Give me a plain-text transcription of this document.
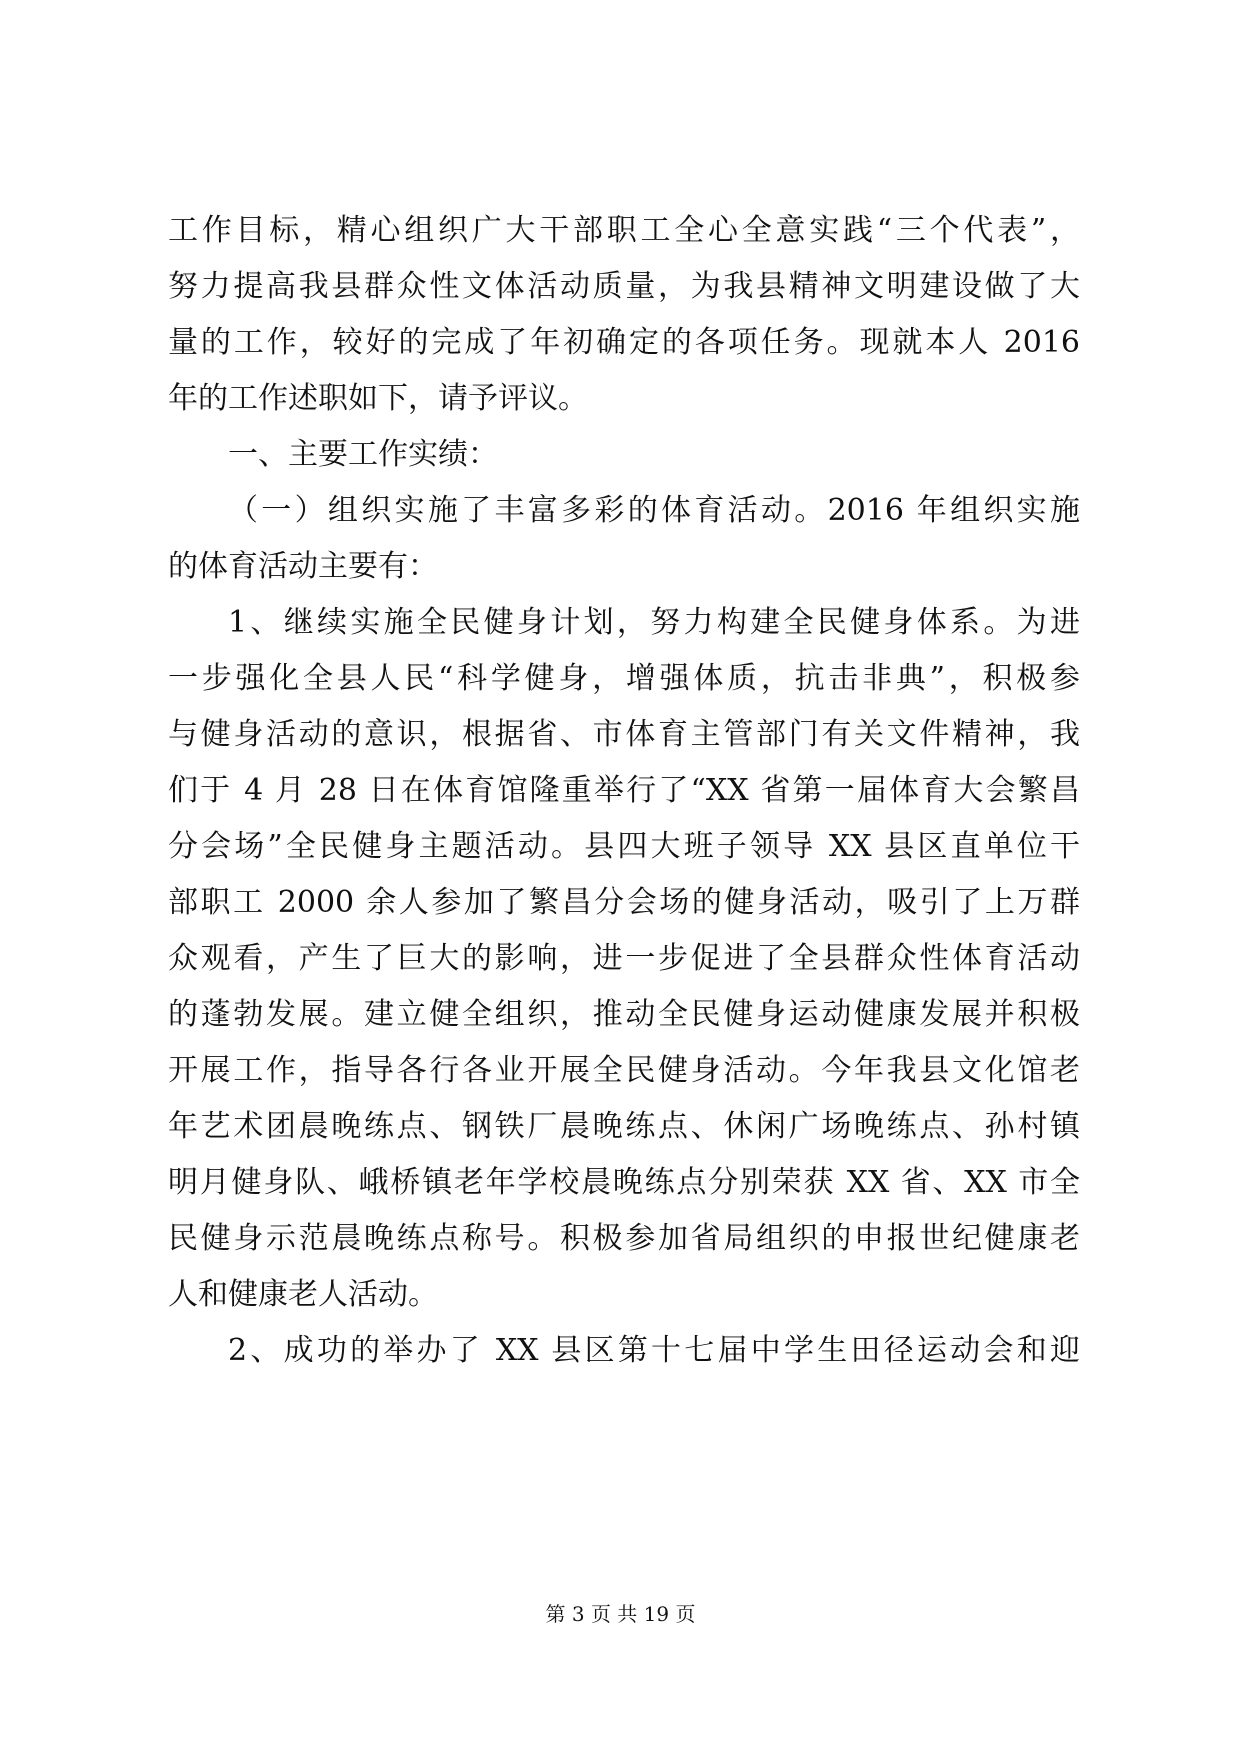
工作目标，精心组织广大干部职工全心全意实践“三个代表”，
努力提高我县群众性文体活动质量，为我县精神文明建设做了大
量的工作，较好的完成了年初确定的各项任务。现就本人 2016
年的工作述职如下，请予评议。
一、主要工作实绩：
（一）组织实施了丰富多彩的体育活动。2016 年组织实施
的体育活动主要有：
1、继续实施全民健身计划，努力构建全民健身体系。为进
一步强化全县人民“科学健身，增强体质，抗击非典”，积极参
与健身活动的意识，根据省、市体育主管部门有关文件精神，我
们于 4 月 28 日在体育馆隆重举行了“XX 省第一届体育大会繁昌
分会场”全民健身主题活动。县四大班子领导 XX 县区直单位干
部职工 2000 余人参加了繁昌分会场的健身活动，吸引了上万群
众观看，产生了巨大的影响，进一步促进了全县群众性体育活动
的蓬勃发展。建立健全组织，推动全民健身运动健康发展并积极
开展工作，指导各行各业开展全民健身活动。今年我县文化馆老
年艺术团晨晚练点、钢铁厂晨晚练点、休闲广场晚练点、孙村镇
明月健身队、峨桥镇老年学校晨晚练点分别荣获 XX 省、XX 市全
民健身示范晨晚练点称号。积极参加省局组织的申报世纪健康老
人和健康老人活动。
2、成功的举办了 XX 县区第十七届中学生田径运动会和迎
第 3 页 共 19 页
